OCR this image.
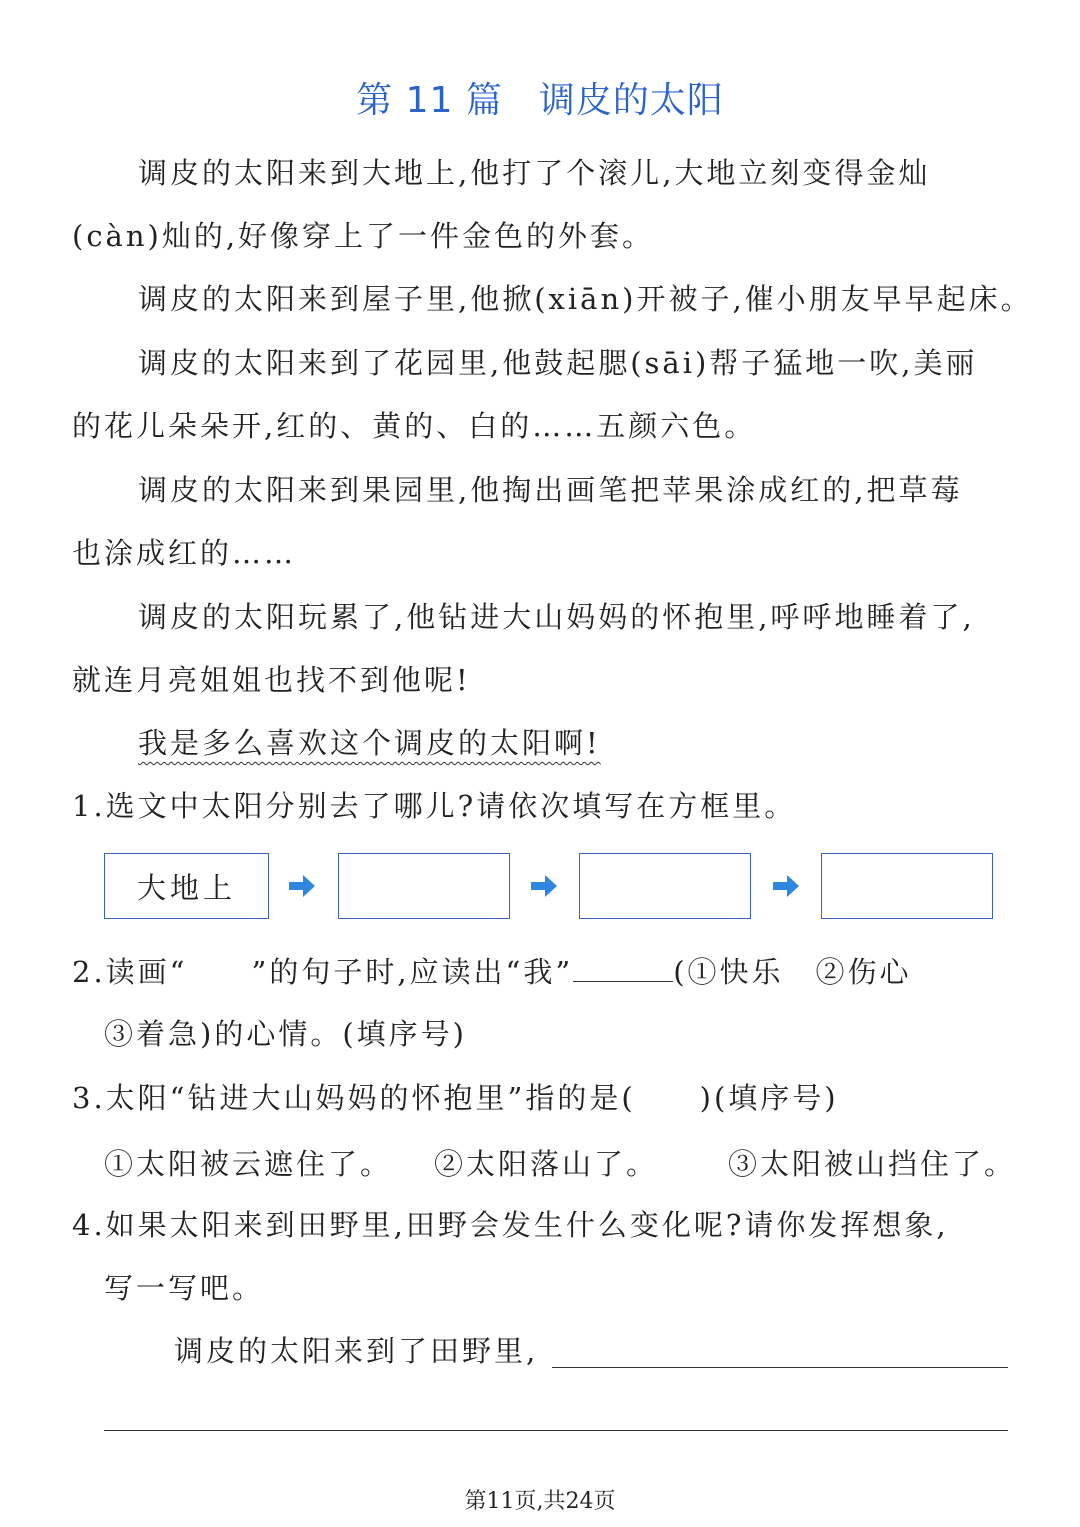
第 11 篇 调皮的太阳
调皮的太阳来到大地上,他打了个滚儿,大地立刻变得金灿
(càn)灿的,好像穿上了一件金色的外套。
调皮的太阳来到屋子里,他掀(xiān)开被子,催小朋友早早起床。
调皮的太阳来到了花园里,他鼓起腮(sāi)帮子猛地一吹,美丽
的花儿朵朵开,红的、黄的、白的……五颜六色。
调皮的太阳来到果园里,他掏出画笔把苹果涂成红的,把草莓
也涂成红的……
调皮的太阳玩累了,他钻进大山妈妈的怀抱里,呼呼地睡着了,
就连月亮姐姐也找不到他呢!
我是多么喜欢这个调皮的太阳啊!
1.选文中太阳分别去了哪儿?请依次填写在方框里。
大地上
2.读画“ ”的句子时,应读出“我”	(①快乐　②伤心
③着急)的心情。(填序号)
3.太阳“钻进大山妈妈的怀抱里”指的是(　　)(填序号)
①太阳被云遮住了。 ②太阳落山了。 ③太阳被山挡住了。
4.如果太阳来到田野里,田野会发生什么变化呢?请你发挥想象,
写一写吧。
调皮的太阳来到了田野里,
第11页,共24页
